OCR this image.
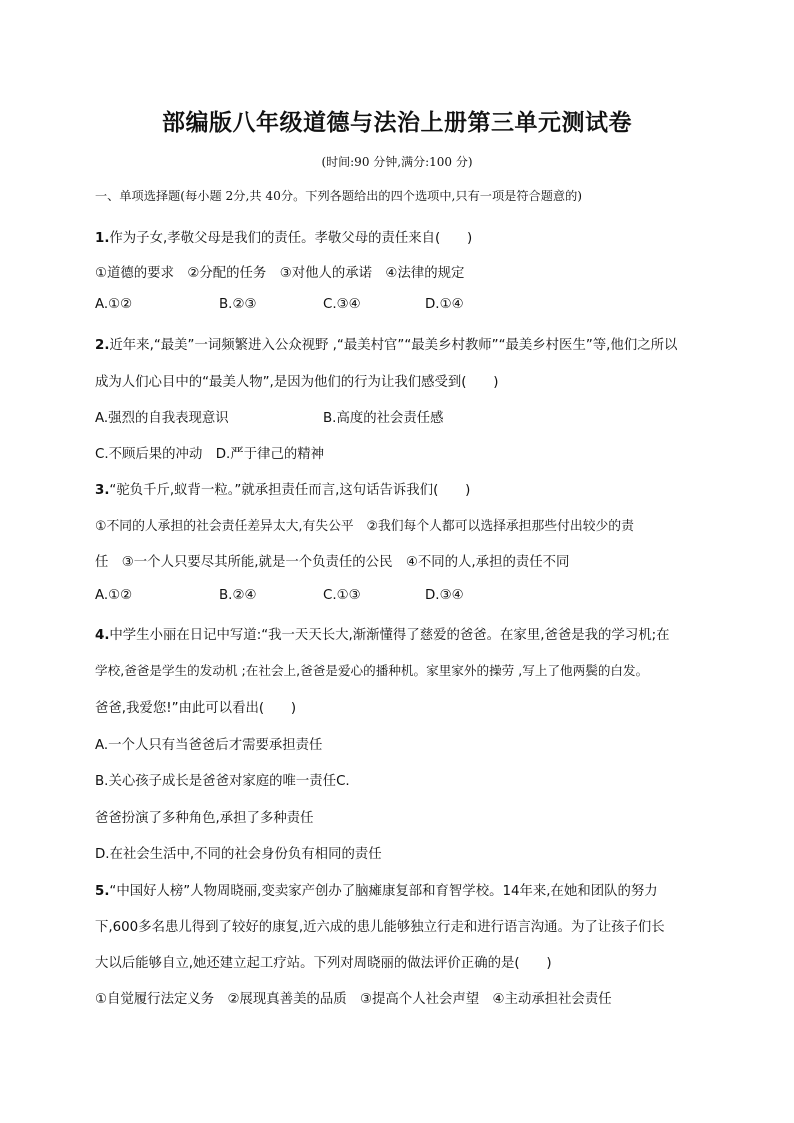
部编版八年级道德与法治上册第三单元测试卷
(时间:90 分钟,满分:100 分)
一、单项选择题(每小题 2分,共 40分。下列各题给出的四个选项中,只有一项是符合题意的)
1.作为子女,孝敬父母是我们的责任。孝敬父母的责任来自(　　)
①道德的要求　②分配的任务　③对他人的承诺　④法律的规定
A.①②	B.②③	C.③④	D.①④
2.近年来,“最美”一词频繁进入公众视野 ,“最美村官”“最美乡村教师”“最美乡村医生”等,他们之所以
成为人们心目中的“最美人物”,是因为他们的行为让我们感受到(　　)
A.强烈的自我表现意识	B.高度的社会责任感
C.不顾后果的冲动　D.严于律己的精神
3.“驼负千斤,蚁背一粒。”就承担责任而言,这句话告诉我们(　　)
①不同的人承担的社会责任差异太大,有失公平　②我们每个人都可以选择承担那些付出较少的责
任　③一个人只要尽其所能,就是一个负责任的公民　④不同的人,承担的责任不同
A.①②	B.②④	C.①③	D.③④
4.中学生小丽在日记中写道:“我一天天长大,渐渐懂得了慈爱的爸爸。在家里,爸爸是我的学习机;在
学校,爸爸是学生的发动机 ;在社会上,爸爸是爱心的播种机。家里家外的操劳 ,写上了他两鬓的白发。
爸爸,我爱您!”由此可以看出(　　)
A.一个人只有当爸爸后才需要承担责任
B.关心孩子成长是爸爸对家庭的唯一责任C.
爸爸扮演了多种角色,承担了多种责任
D.在社会生活中,不同的社会身份负有相同的责任
5.“中国好人榜”人物周晓丽,变卖家产创办了脑瘫康复部和育智学校。14年来,在她和团队的努力
下,600多名患儿得到了较好的康复,近六成的患儿能够独立行走和进行语言沟通。为了让孩子们长
大以后能够自立,她还建立起工疗站。下列对周晓丽的做法评价正确的是(　　)
①自觉履行法定义务　②展现真善美的品质　③提高个人社会声望　④主动承担社会责任
